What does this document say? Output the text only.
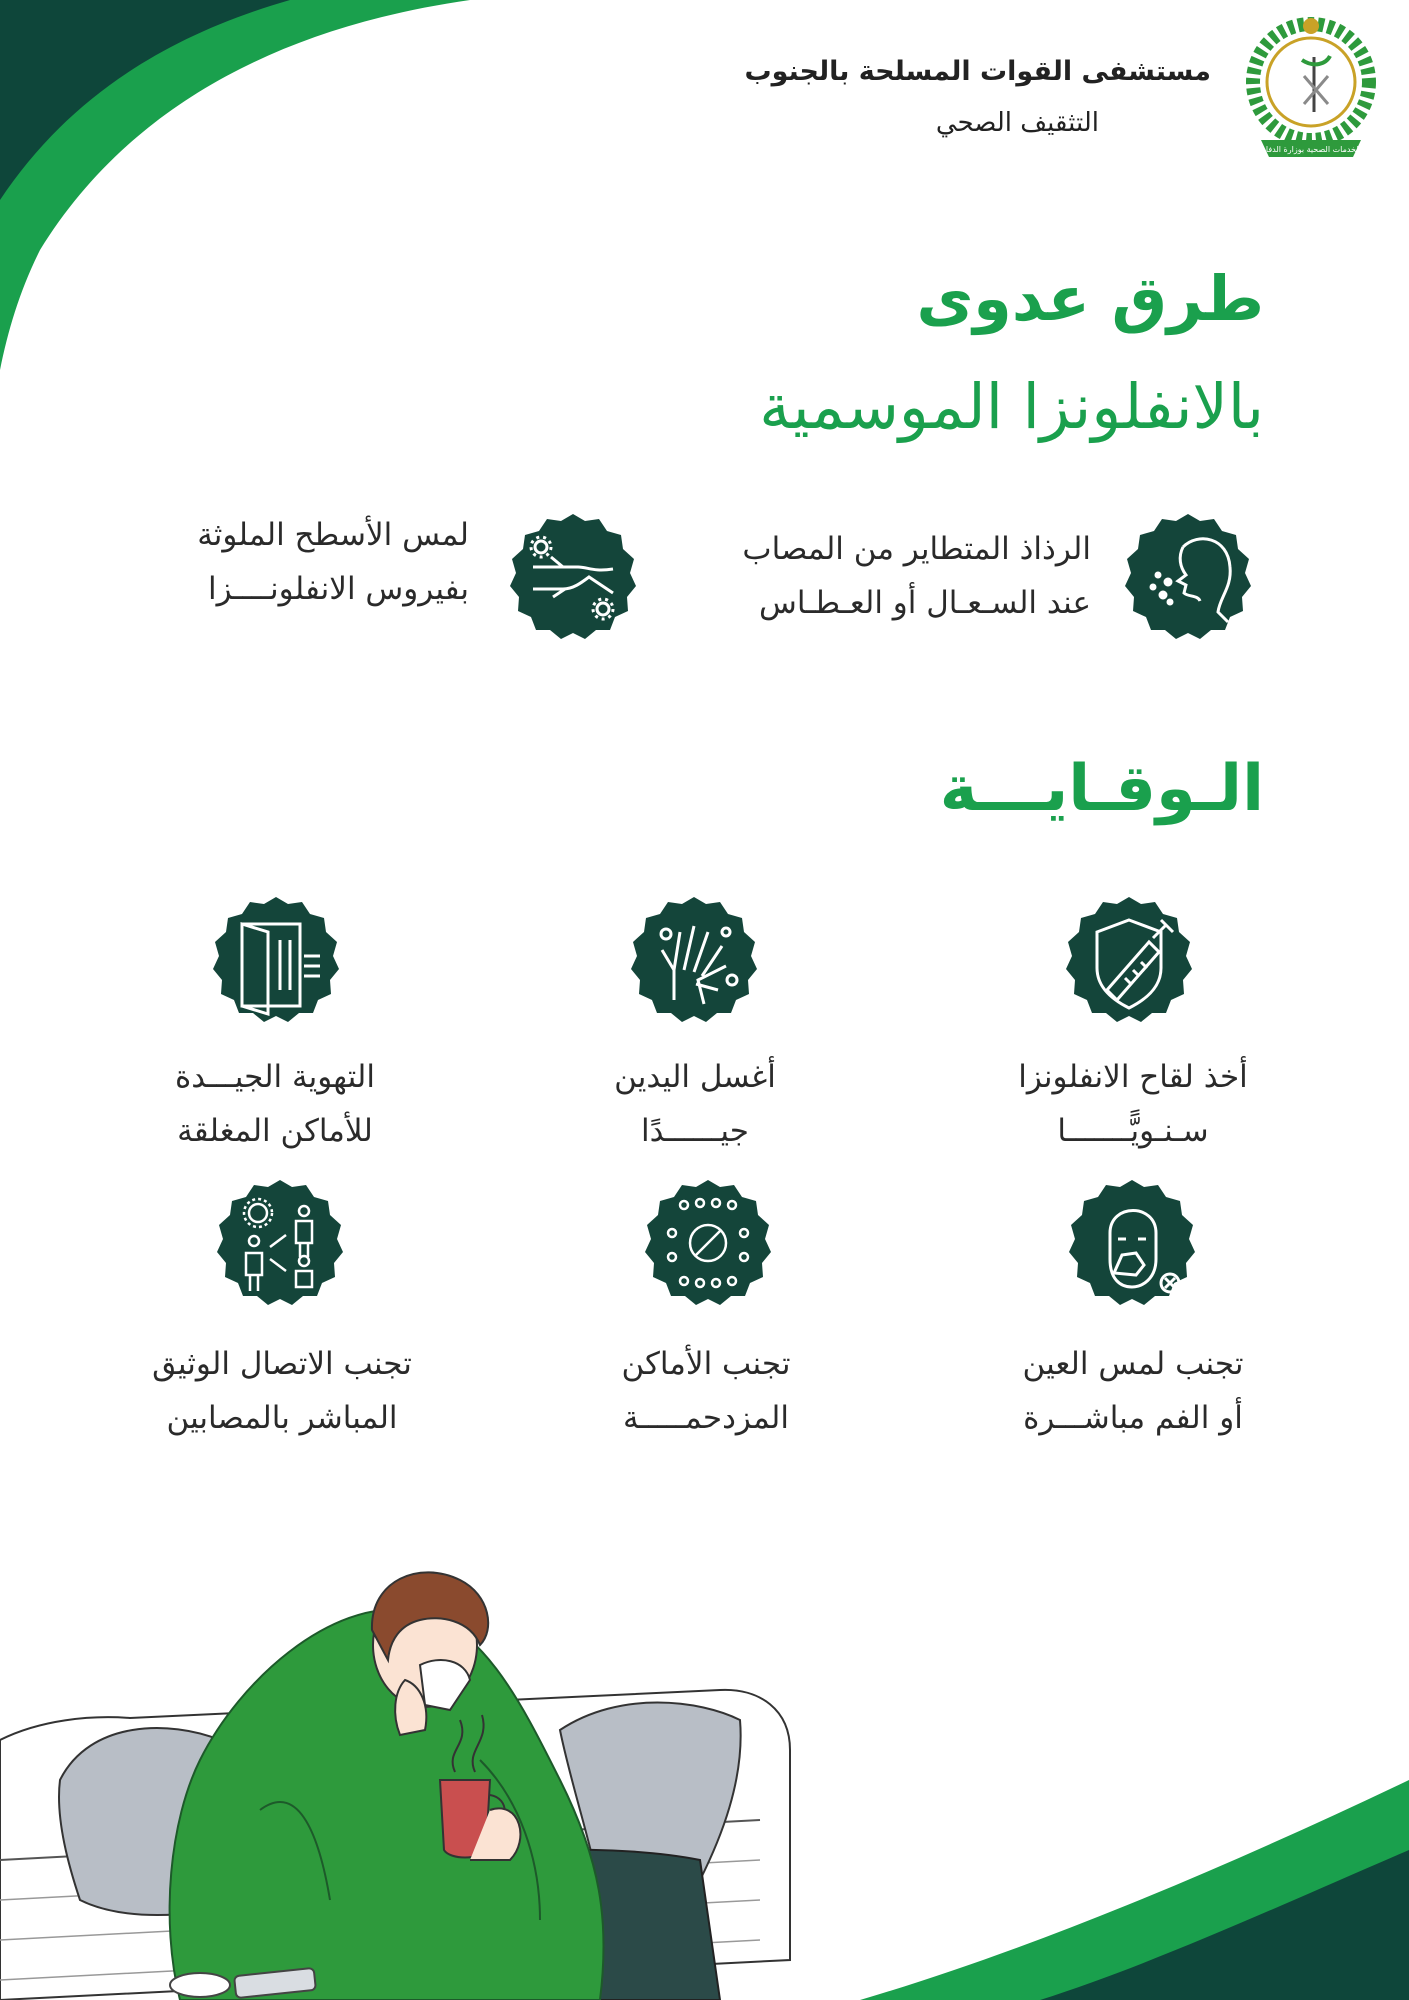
مستشفى القوات المسلحة بالجنوب
التثقيف الصحي
الخدمات الصحية بوزارة الدفاع
طرق عدوى
بالانفلونزا الموسمية
الرذاذ المتطاير من المصاب
عند السـعـال أو العـطـاس
لمس الأسطح الملوثة
بفيروس الانفلونــــزا
الـوقـايـــة
أخذ لقاح الانفلونزا
سـنـويًّـــــــا
أغسل اليدين
جيــــــدًا
التهوية الجيـــدة
للأماكن المغلقة
تجنب لمس العين
أو الفم مباشـــرة
تجنب الأماكن
المزدحمـــــة
تجنب الاتصال الوثيق
المباشر بالمصابين
